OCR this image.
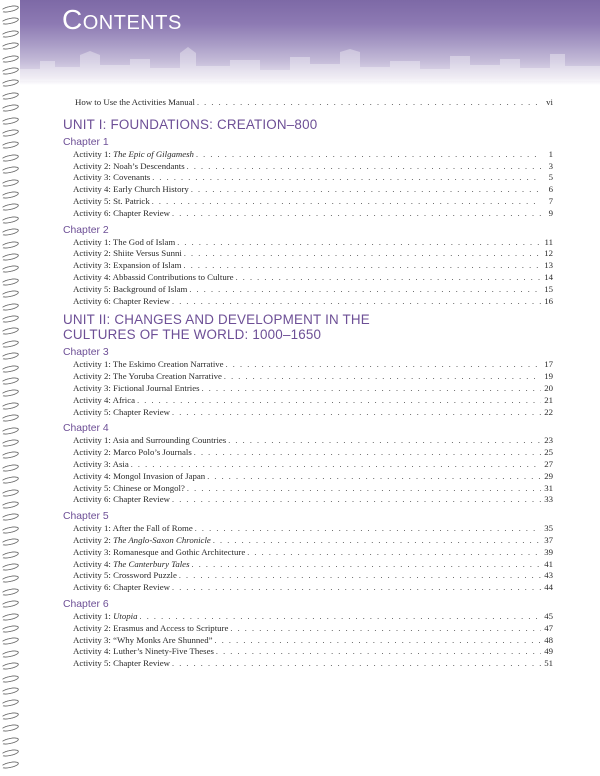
Contents
How to Use the Activities Manual . . .	vi
UNIT I: FOUNDATIONS: CREATION–800
Chapter 1
Activity 1: The Epic of Gilgamesh . . .	1
Activity 2: Noah’s Descendants . . .	3
Activity 3: Covenants . . .	5
Activity 4: Early Church History . . .	6
Activity 5: St. Patrick . . .	7
Activity 6: Chapter Review . . .	9
Chapter 2
Activity 1: The God of Islam . . .	11
Activity 2: Shiite Versus Sunni . . .	12
Activity 3: Expansion of Islam . . .	13
Activity 4: Abbassid Contributions to Culture . . .	14
Activity 5: Background of Islam . . .	15
Activity 6: Chapter Review . . .	16
UNIT II: CHANGES AND DEVELOPMENT IN THE
CULTURES OF THE WORLD: 1000–1650
Chapter 3
Activity 1: The Eskimo Creation Narrative . . .	17
Activity 2: The Yoruba Creation Narrative . . .	19
Activity 3: Fictional Journal Entries . . .	20
Activity 4: Africa . . .	21
Activity 5: Chapter Review . . .	22
Chapter 4
Activity 1: Asia and Surrounding Countries . . .	23
Activity 2: Marco Polo’s Journals . . .	25
Activity 3: Asia . . .	27
Activity 4: Mongol Invasion of Japan . . .	29
Activity 5: Chinese or Mongol? . . .	31
Activity 6: Chapter Review . . .	33
Chapter 5
Activity 1: After the Fall of Rome . . .	35
Activity 2: The Anglo-Saxon Chronicle . . .	37
Activity 3: Romanesque and Gothic Architecture . . .	39
Activity 4: The Canterbury Tales . . .	41
Activity 5: Crossword Puzzle . . .	43
Activity 6: Chapter Review . . .	44
Chapter 6
Activity 1: Utopia . . .	45
Activity 2: Erasmus and Access to Scripture . . .	47
Activity 3: “Why Monks Are Shunned” . . .	48
Activity 4: Luther’s Ninety-Five Theses . . .	49
Activity 5: Chapter Review . . .	51
